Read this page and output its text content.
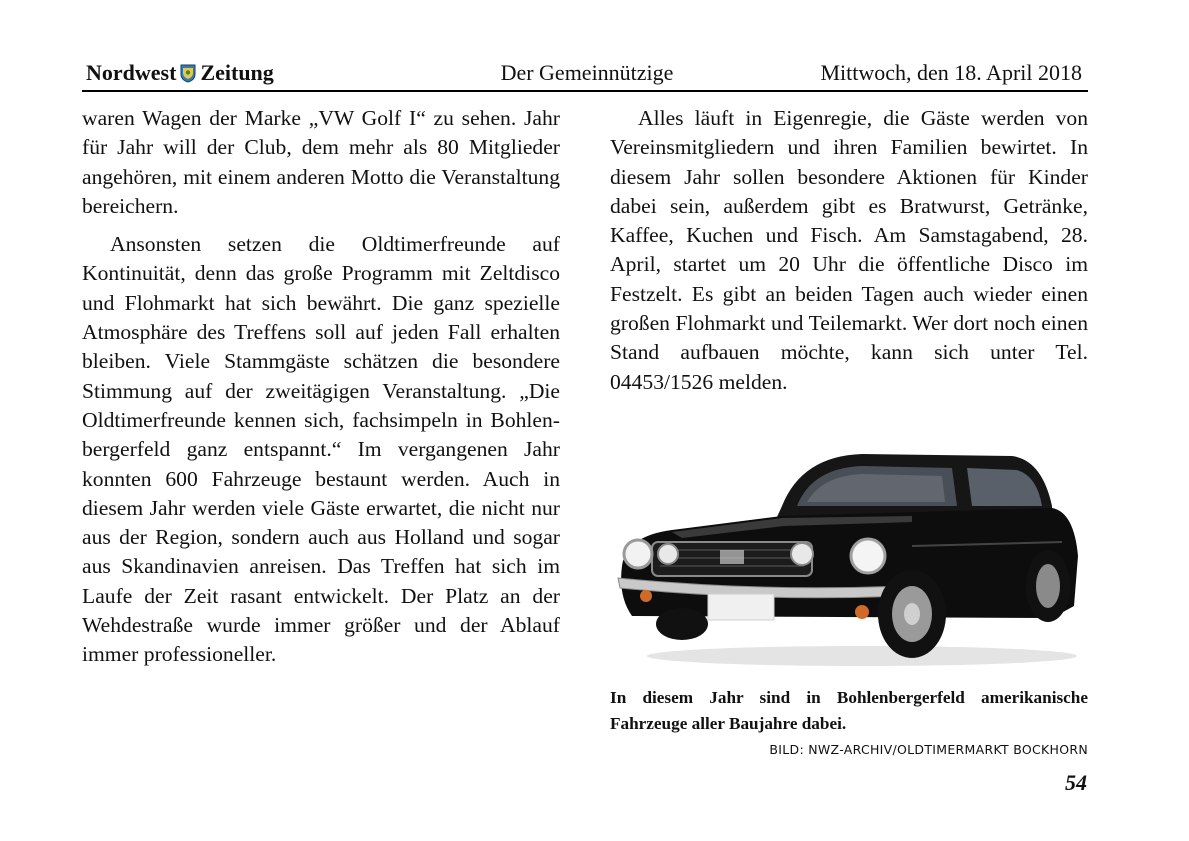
Nordwest Zeitung	Der Gemeinnützige	Mittwoch, den 18. April 2018

waren Wagen der Marke „VW Golf I“ zu sehen. Jahr für Jahr will der Club, dem mehr als 80 Mitglieder angehören, mit einem anderen Motto die Veranstaltung bereichern.

Ansonsten setzen die Oldtimerfreunde auf Kontinuität, denn das große Programm mit Zeltdisco und Flohmarkt hat sich bewährt. Die ganz spezielle Atmosphäre des Treffens soll auf jeden Fall erhalten bleiben. Viele Stammgäste schätzen die besondere Stimmung auf der zweitägigen Veranstaltung. „Die Oldtimerfreunde kennen sich, fachsimpeln in Bohlenbergerfeld ganz entspannt.“ Im vergangenen Jahr konnten 600 Fahrzeuge bestaunt werden. Auch in diesem Jahr werden viele Gäste erwartet, die nicht nur aus der Region, sondern auch aus Holland und sogar aus Skandinavien anreisen. Das Treffen hat sich im Laufe der Zeit rasant entwickelt. Der Platz an der Wehdestraße wurde immer größer und der Ablauf immer professioneller.

Alles läuft in Eigenregie, die Gäste werden von Vereinsmitgliedern und ihren Familien bewirtet. In diesem Jahr sollen besondere Aktionen für Kinder dabei sein, außerdem gibt es Bratwurst, Getränke, Kaffee, Kuchen und Fisch. Am Samstagabend, 28. April, startet um 20 Uhr die öffentliche Disco im Festzelt. Es gibt an beiden Tagen auch wieder einen großen Flohmarkt und Teilemarkt. Wer dort noch einen Stand aufbauen möchte, kann sich unter Tel. 04453/1526 melden.

In diesem Jahr sind in Bohlenbergerfeld amerikanische Fahrzeuge aller Baujahre dabei.
BILD: NWZ-ARCHIV/OLDTIMERMARKT BOCKHORN
54
